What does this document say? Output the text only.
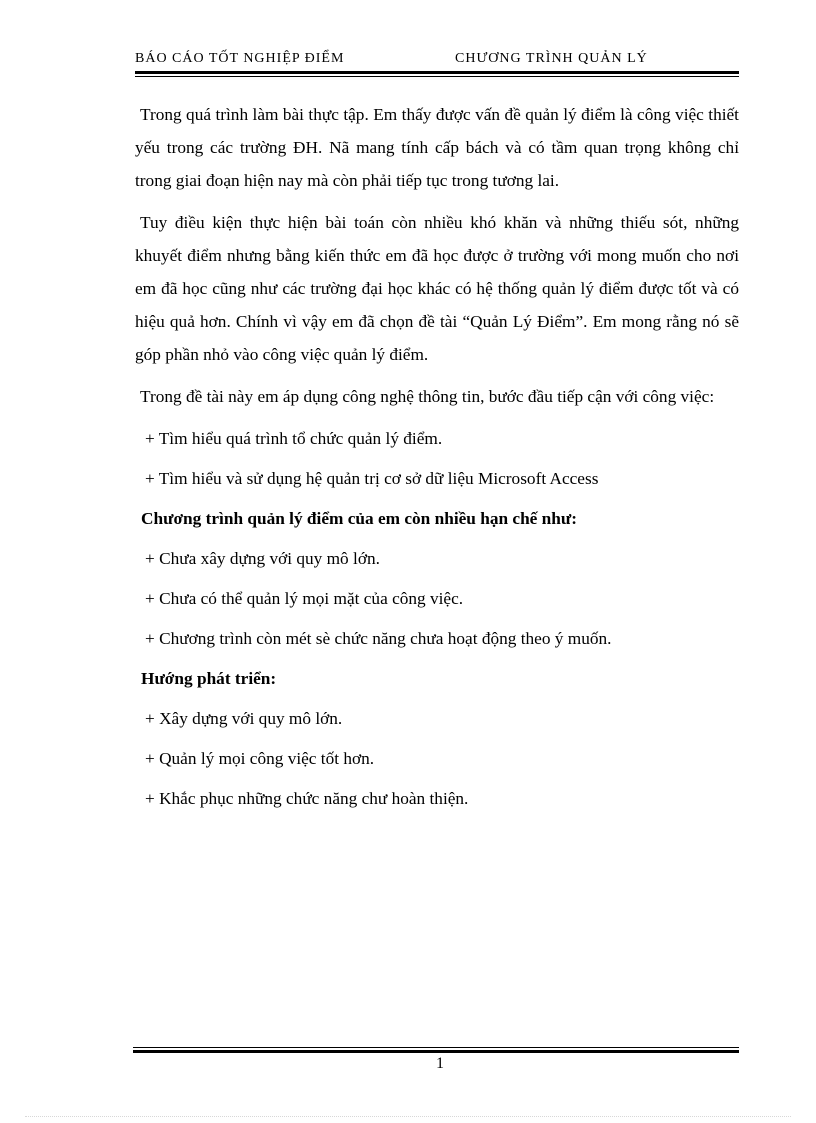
BÁO CÁO TỐT NGHIỆP ĐIỂM	CHƯƠNG TRÌNH QUẢN LÝ

Trong quá trình làm bài thực tập. Em thấy được vấn đề quản lý điểm là công việc thiết yếu trong các trường ĐH. Nã mang tính cấp bách và có tầm quan trọng không chỉ trong giai đoạn hiện nay mà còn phải tiếp tục trong tương lai.

Tuy điều kiện thực hiện bài toán còn nhiều khó khăn và những thiếu sót, những khuyết điểm nhưng bằng kiến thức em đã học được ở trường với mong muốn cho nơi em đã học cũng như các trường đại học khác có hệ thống quản lý điểm được tốt và có hiệu quả hơn. Chính vì vậy em đã chọn đề tài “Quản Lý Điểm”. Em mong rằng nó sẽ góp phần nhỏ vào công việc quản lý điểm.

Trong đề tài này em áp dụng công nghệ thông tin, bước đầu tiếp cận với công việc:

+ Tìm hiểu quá trình tổ chức quản lý điểm.
+ Tìm hiểu và sử dụng hệ quản trị cơ sở dữ liệu Microsoft Access
Chương trình quản lý điểm của em còn nhiều hạn chế như:
+ Chưa xây dựng với quy mô lớn.
+ Chưa có thể quản lý mọi mặt của công việc.
+ Chương trình còn mét sè chức năng chưa hoạt động theo ý muốn.
Hướng phát triển:
+ Xây dựng với quy mô lớn.
+ Quản lý mọi công việc tốt hơn.
+ Khắc phục những chức năng chư hoàn thiện.
1
